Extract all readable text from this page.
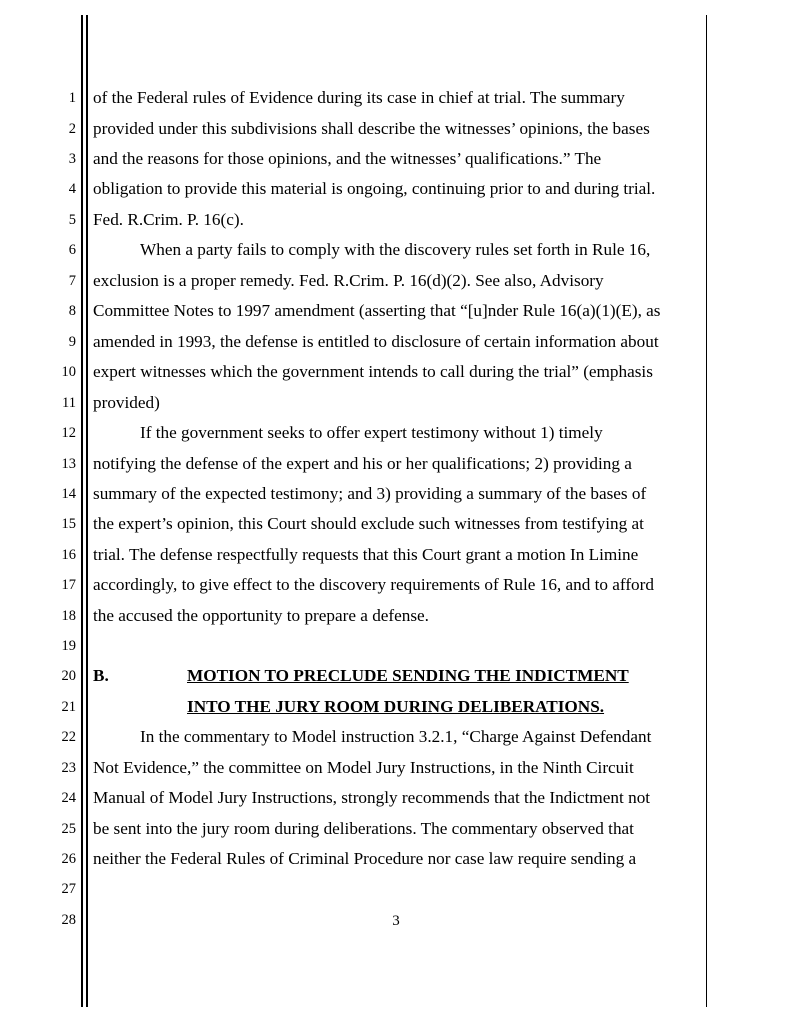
1
2
3
4
5
6
7
8
9
10
11
12
13
14
15
16
17
18
19
20
21
22
23
24
25
26
27
28
of the Federal rules of Evidence during its case in chief at trial. The summary
provided under this subdivisions shall describe the witnesses’ opinions, the bases
and the reasons for those opinions, and the witnesses’ qualifications.” The
obligation to provide this material is ongoing, continuing prior to and during trial.
Fed. R.Crim. P. 16(c).
When a party fails to comply with the discovery rules set forth in Rule 16,
exclusion is a proper remedy. Fed. R.Crim. P. 16(d)(2). See also, Advisory
Committee Notes to 1997 amendment (asserting that “[u]nder Rule 16(a)(1)(E), as
amended in 1993, the defense is entitled to disclosure of certain information about
expert witnesses which the government intends to call during the trial” (emphasis
provided)
If the government seeks to offer expert testimony without 1) timely
notifying the defense of the expert and his or her qualifications; 2) providing a
summary of the expected testimony; and 3) providing a summary of the bases of
the expert’s opinion, this Court should exclude such witnesses from testifying at
trial. The defense respectfully requests that this Court grant a motion In Limine
accordingly, to give effect to the discovery requirements of Rule 16, and to afford
the accused the opportunity to prepare a defense.
B.	MOTION TO PRECLUDE SENDING THE INDICTMENT
INTO THE JURY ROOM DURING DELIBERATIONS.
In the commentary to Model instruction 3.2.1, “Charge Against Defendant
Not Evidence,” the committee on Model Jury Instructions, in the Ninth Circuit
Manual of Model Jury Instructions, strongly recommends that the Indictment not
be sent into the jury room during deliberations. The commentary observed that
neither the Federal Rules of Criminal Procedure nor case law require sending a
3
